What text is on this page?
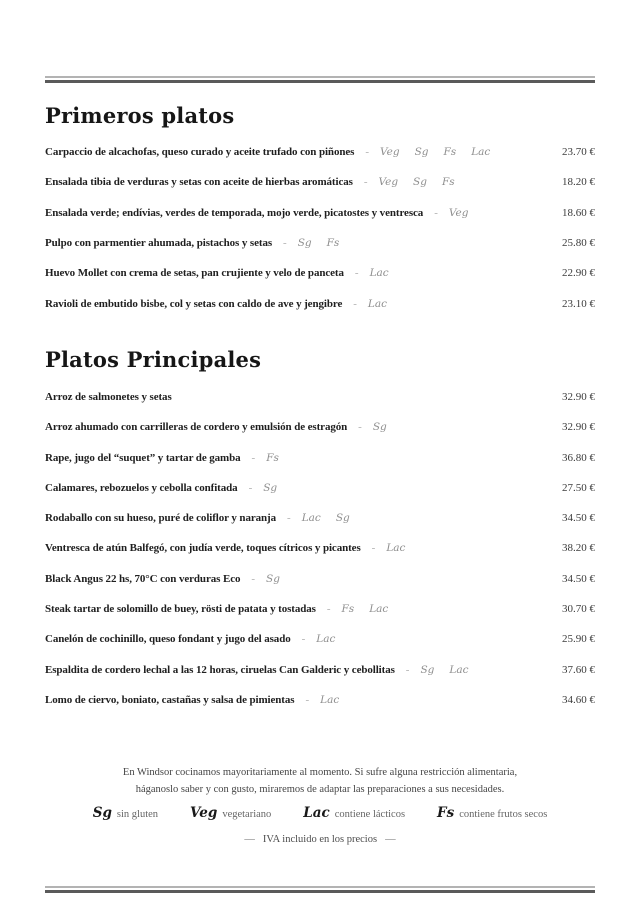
Primeros platos
Carpaccio de alcachofas, queso curado y aceite trufado con piñones - Veg Sg Fs Lac	23.70 €
Ensalada tibia de verduras y setas con aceite de hierbas aromáticas - Veg Sg Fs	18.20 €
Ensalada verde; endívias, verdes de temporada, mojo verde, picatostes y ventresca - Veg	18.60 €
Pulpo con parmentier ahumada, pistachos y setas - Sg Fs	25.80 €
Huevo Mollet con crema de setas, pan crujiente y velo de panceta - Lac	22.90 €
Ravioli de embutido bisbe, col y setas con caldo de ave y jengibre - Lac	23.10 €
Platos Principales
Arroz de salmonetes y setas	32.90 €
Arroz ahumado con carrilleras de cordero y emulsión de estragón - Sg	32.90 €
Rape, jugo del “suquet” y tartar de gamba - Fs	36.80 €
Calamares, rebozuelos y cebolla confitada - Sg	27.50 €
Rodaballo con su hueso, puré de coliflor y naranja - Lac Sg	34.50 €
Ventresca de atún Balfegó, con judía verde, toques cítricos y picantes - Lac	38.20 €
Black Angus 22 hs, 70°C con verduras Eco - Sg	34.50 €
Steak tartar de solomillo de buey, rösti de patata y tostadas - Fs Lac	30.70 €
Canelón de cochinillo, queso fondant y jugo del asado - Lac	25.90 €
Espaldita de cordero lechal a las 12 horas, ciruelas Can Galderic y cebollitas - Sg Lac	37.60 €
Lomo de ciervo, boniato, castañas y salsa de pimientas - Lac	34.60 €
En Windsor cocinamos mayoritariamente al momento. Si sufre alguna restricción alimentaria,
háganoslo saber y con gusto, miraremos de adaptar las preparaciones a sus necesidades.
Sg sin gluten Veg vegetariano Lac contiene lácticos Fs contiene frutos secos
— IVA incluido en los precios —
